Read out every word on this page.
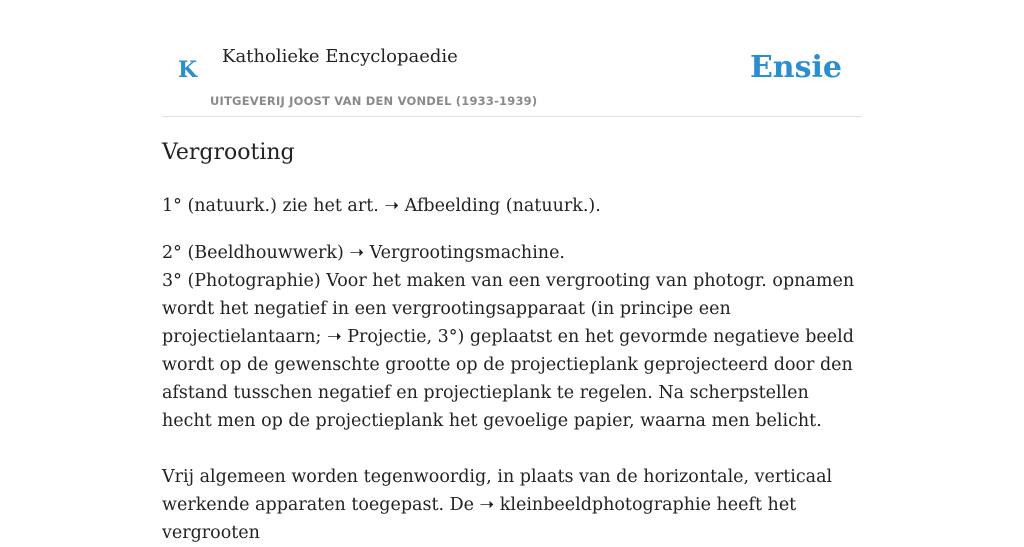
K
Katholieke Encyclopaedie
UITGEVERIJ JOOST VAN DEN VONDEL (1933-1939)
Ensie
Vergrooting

1° (natuurk.) zie het art. ➝ Afbeelding (natuurk.).

2° (Beeldhouwwerk) ➝ Vergrootingsmachine.

3° (Photographie) Voor het maken van een vergrooting van photogr. opnamen wordt het negatief in een vergrootingsapparaat (in principe een projectielantaarn; ➝ Projectie, 3°) geplaatst en het gevormde negatieve beeld wordt op de gewenschte grootte op de projectieplank geprojecteerd door den afstand tusschen negatief en projectieplank te regelen. Na scherpstellen hecht men op de projectieplank het gevoelige papier, waarna men belicht.

Vrij algemeen worden tegenwoordig, in plaats van de horizontale, verticaal werkende apparaten toegepast. De ➝ kleinbeeldphotographie heeft het vergrooten
